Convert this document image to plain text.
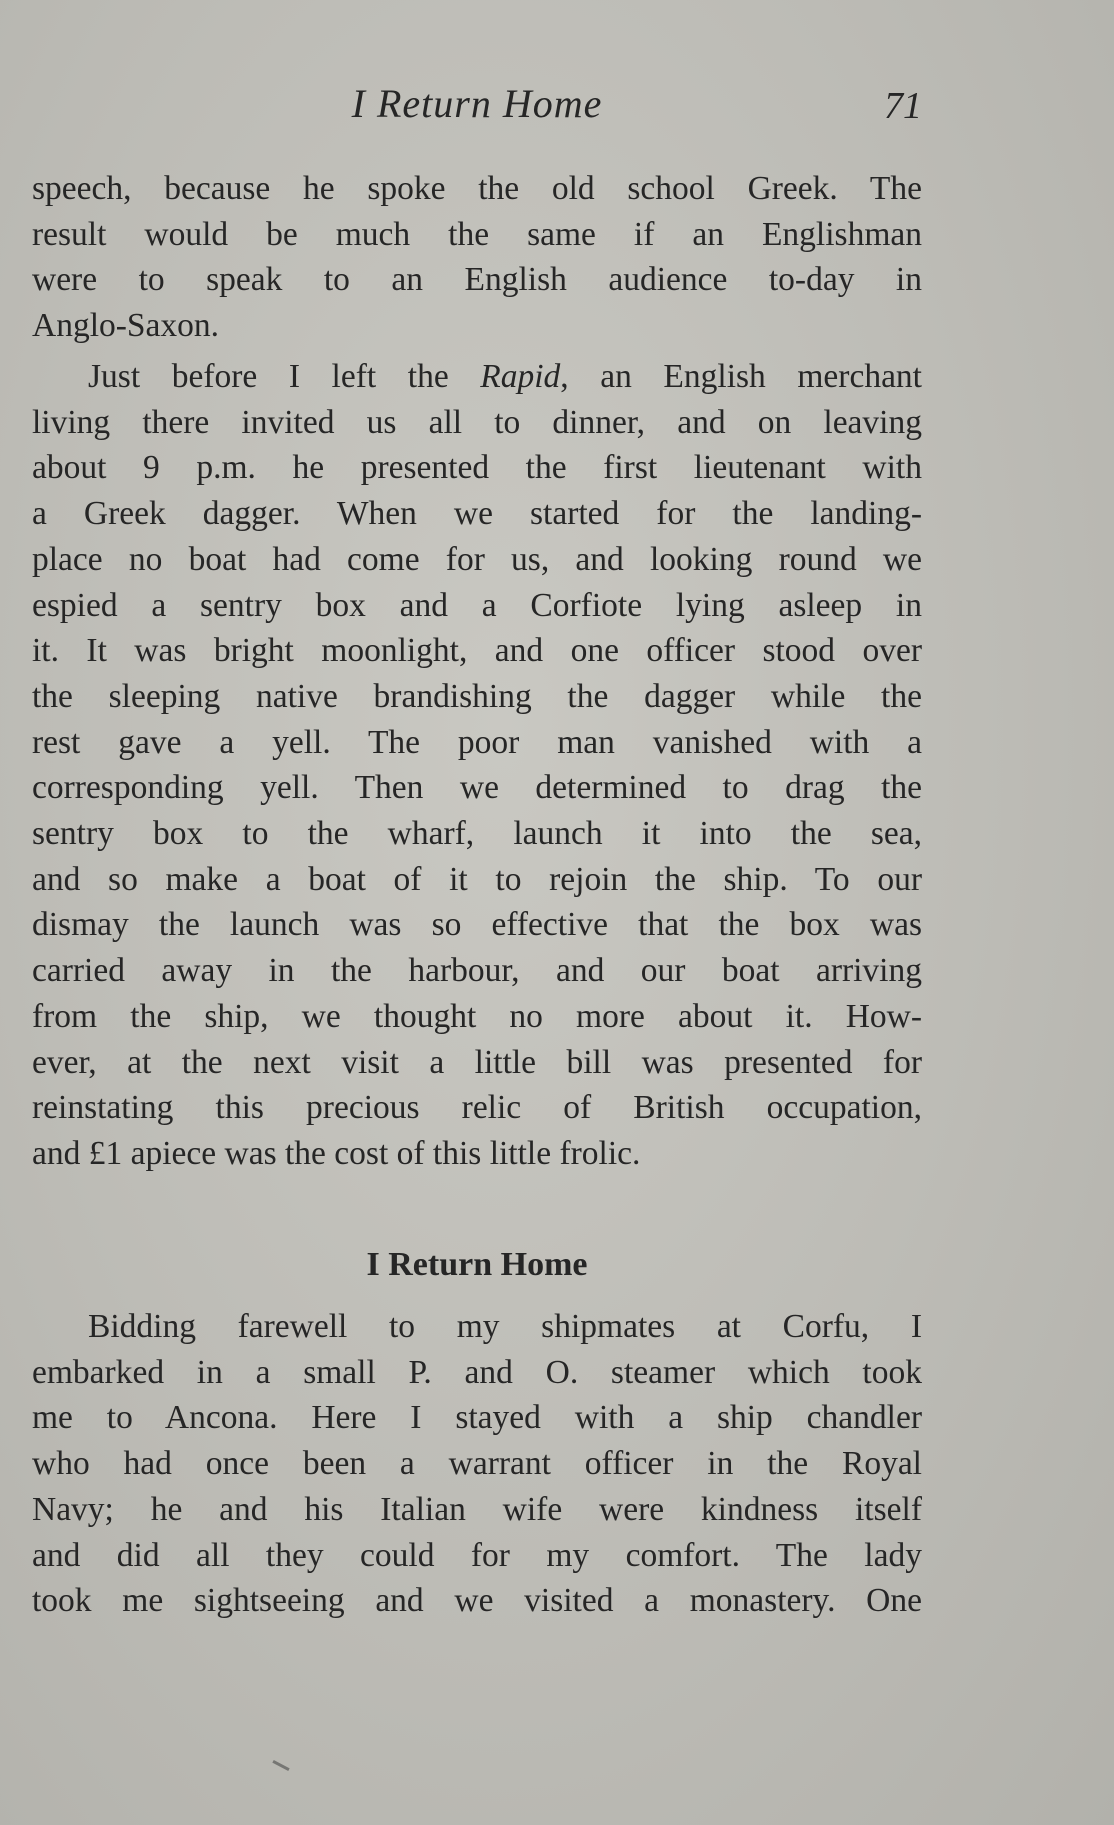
I Return Home	71
speech, because he spoke the old school Greek. The
result would be much the same if an Englishman
were to speak to an English audience to-day in
Anglo-Saxon.
Just before I left the Rapid, an English merchant
living there invited us all to dinner, and on leaving
about 9 p.m. he presented the first lieutenant with
a Greek dagger. When we started for the landing-
place no boat had come for us, and looking round we
espied a sentry box and a Corfiote lying asleep in
it. It was bright moonlight, and one officer stood over
the sleeping native brandishing the dagger while the
rest gave a yell. The poor man vanished with a
corresponding yell. Then we determined to drag the
sentry box to the wharf, launch it into the sea,
and so make a boat of it to rejoin the ship. To our
dismay the launch was so effective that the box was
carried away in the harbour, and our boat arriving
from the ship, we thought no more about it. How-
ever, at the next visit a little bill was presented for
reinstating this precious relic of British occupation,
and £1 apiece was the cost of this little frolic.
I Return Home
Bidding farewell to my shipmates at Corfu, I
embarked in a small P. and O. steamer which took
me to Ancona. Here I stayed with a ship chandler
who had once been a warrant officer in the Royal
Navy; he and his Italian wife were kindness itself
and did all they could for my comfort. The lady
took me sightseeing and we visited a monastery. One
